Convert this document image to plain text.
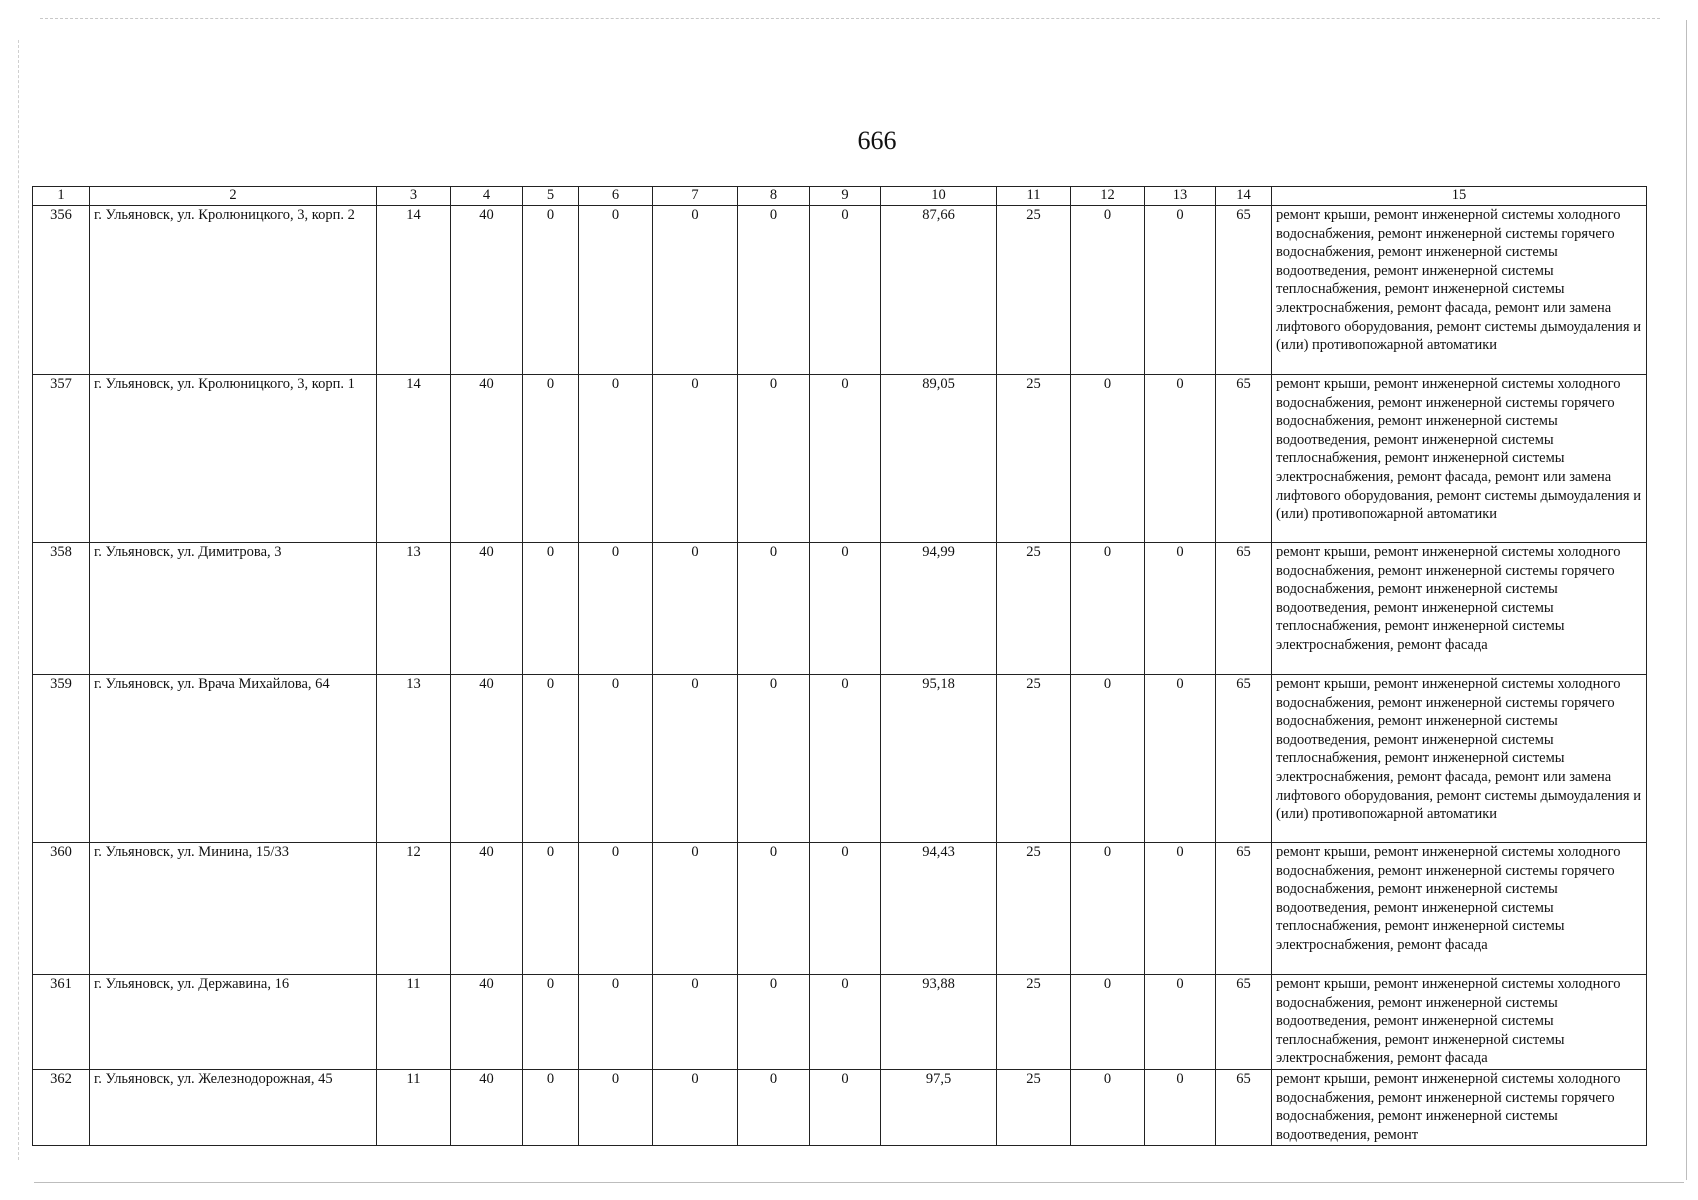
666
1	2	3	4	5	6	7	8	9	10	11	12	13	14	15
356	г. Ульяновск, ул. Кролюницкого, 3, корп. 2	14	40	0	0	0	0	0	87,66	25	0	0	65	ремонт крыши, ремонт инженерной системы холодного водоснабжения, ремонт инженерной системы горячего водоснабжения, ремонт инженерной системы водоотведения, ремонт инженерной системы теплоснабжения, ремонт инженерной системы электроснабжения, ремонт фасада, ремонт или замена лифтового оборудования, ремонт системы дымоудаления и (или) противопожарной автоматики
357	г. Ульяновск, ул. Кролюницкого, 3, корп. 1	14	40	0	0	0	0	0	89,05	25	0	0	65	ремонт крыши, ремонт инженерной системы холодного водоснабжения, ремонт инженерной системы горячего водоснабжения, ремонт инженерной системы водоотведения, ремонт инженерной системы теплоснабжения, ремонт инженерной системы электроснабжения, ремонт фасада, ремонт или замена лифтового оборудования, ремонт системы дымоудаления и (или) противопожарной автоматики
358	г. Ульяновск, ул. Димитрова, 3	13	40	0	0	0	0	0	94,99	25	0	0	65	ремонт крыши, ремонт инженерной системы холодного водоснабжения, ремонт инженерной системы горячего водоснабжения, ремонт инженерной системы водоотведения, ремонт инженерной системы теплоснабжения, ремонт инженерной системы электроснабжения, ремонт фасада
359	г. Ульяновск, ул. Врача Михайлова, 64	13	40	0	0	0	0	0	95,18	25	0	0	65	ремонт крыши, ремонт инженерной системы холодного водоснабжения, ремонт инженерной системы горячего водоснабжения, ремонт инженерной системы водоотведения, ремонт инженерной системы теплоснабжения, ремонт инженерной системы электроснабжения, ремонт фасада, ремонт или замена лифтового оборудования, ремонт системы дымоудаления и (или) противопожарной автоматики
360	г. Ульяновск, ул. Минина, 15/33	12	40	0	0	0	0	0	94,43	25	0	0	65	ремонт крыши, ремонт инженерной системы холодного водоснабжения, ремонт инженерной системы горячего водоснабжения, ремонт инженерной системы водоотведения, ремонт инженерной системы теплоснабжения, ремонт инженерной системы электроснабжения, ремонт фасада
361	г. Ульяновск, ул. Державина, 16	11	40	0	0	0	0	0	93,88	25	0	0	65	ремонт крыши, ремонт инженерной системы холодного водоснабжения, ремонт инженерной системы водоотведения, ремонт инженерной системы теплоснабжения, ремонт инженерной системы электроснабжения, ремонт фасада
362	г. Ульяновск, ул. Железнодорожная, 45	11	40	0	0	0	0	0	97,5	25	0	0	65	ремонт крыши, ремонт инженерной системы холодного водоснабжения, ремонт инженерной системы горячего водоснабжения, ремонт инженерной системы водоотведения, ремонт
